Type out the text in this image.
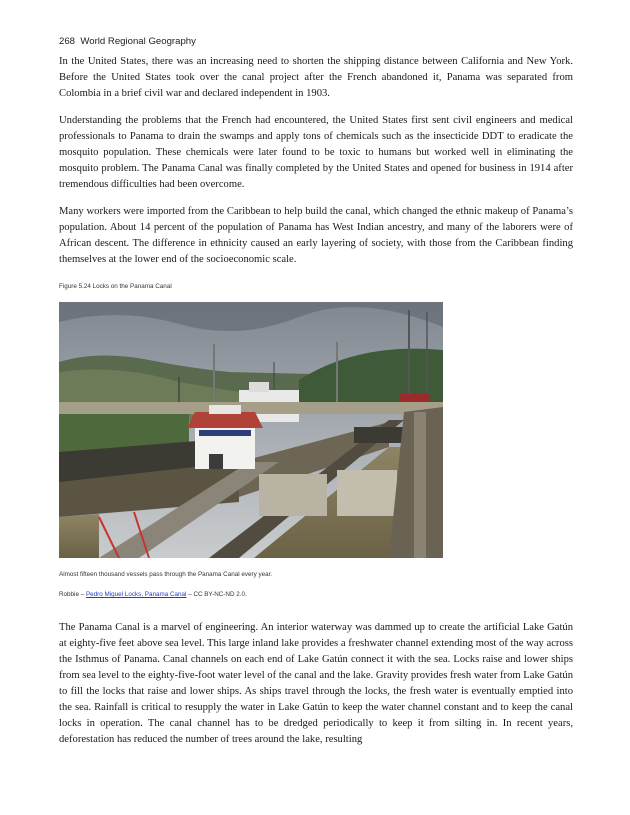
268 World Regional Geography

In the United States, there was an increasing need to shorten the shipping distance between California and New York. Before the United States took over the canal project after the French abandoned it, Panama was separated from Colombia in a brief civil war and declared independent in 1903.

Understanding the problems that the French had encountered, the United States first sent civil engineers and medical professionals to Panama to drain the swamps and apply tons of chemicals such as the insecticide DDT to eradicate the mosquito population. These chemicals were later found to be toxic to humans but worked well in eliminating the mosquito problem. The Panama Canal was finally completed by the United States and opened for business in 1914 after tremendous difficulties had been overcome.

Many workers were imported from the Caribbean to help build the canal, which changed the ethnic makeup of Panama’s population. About 14 percent of the population of Panama has West Indian ancestry, and many of the laborers were of African descent. The difference in ethnicity caused an early layering of society, with those from the Caribbean finding themselves at the lower end of the socioeconomic scale.

Figure 5.24 Locks on the Panama Canal

Almost fifteen thousand vessels pass through the Panama Canal every year.

Robbie – Pedro Miguel Locks, Panama Canal – CC BY-NC-ND 2.0.

The Panama Canal is a marvel of engineering. An interior waterway was dammed up to create the artificial Lake Gatún at eighty-five feet above sea level. This large inland lake provides a freshwater channel extending most of the way across the Isthmus of Panama. Canal channels on each end of Lake Gatún connect it with the sea. Locks raise and lower ships from sea level to the eighty-five-foot water level of the canal and the lake. Gravity provides fresh water from Lake Gatún to fill the locks that raise and lower ships. As ships travel through the locks, the fresh water is eventually emptied into the sea. Rainfall is critical to resupply the water in Lake Gatún to keep the water channel constant and to keep the canal locks in operation. The canal channel has to be dredged periodically to keep it from silting in. In recent years, deforestation has reduced the number of trees around the lake, resulting
